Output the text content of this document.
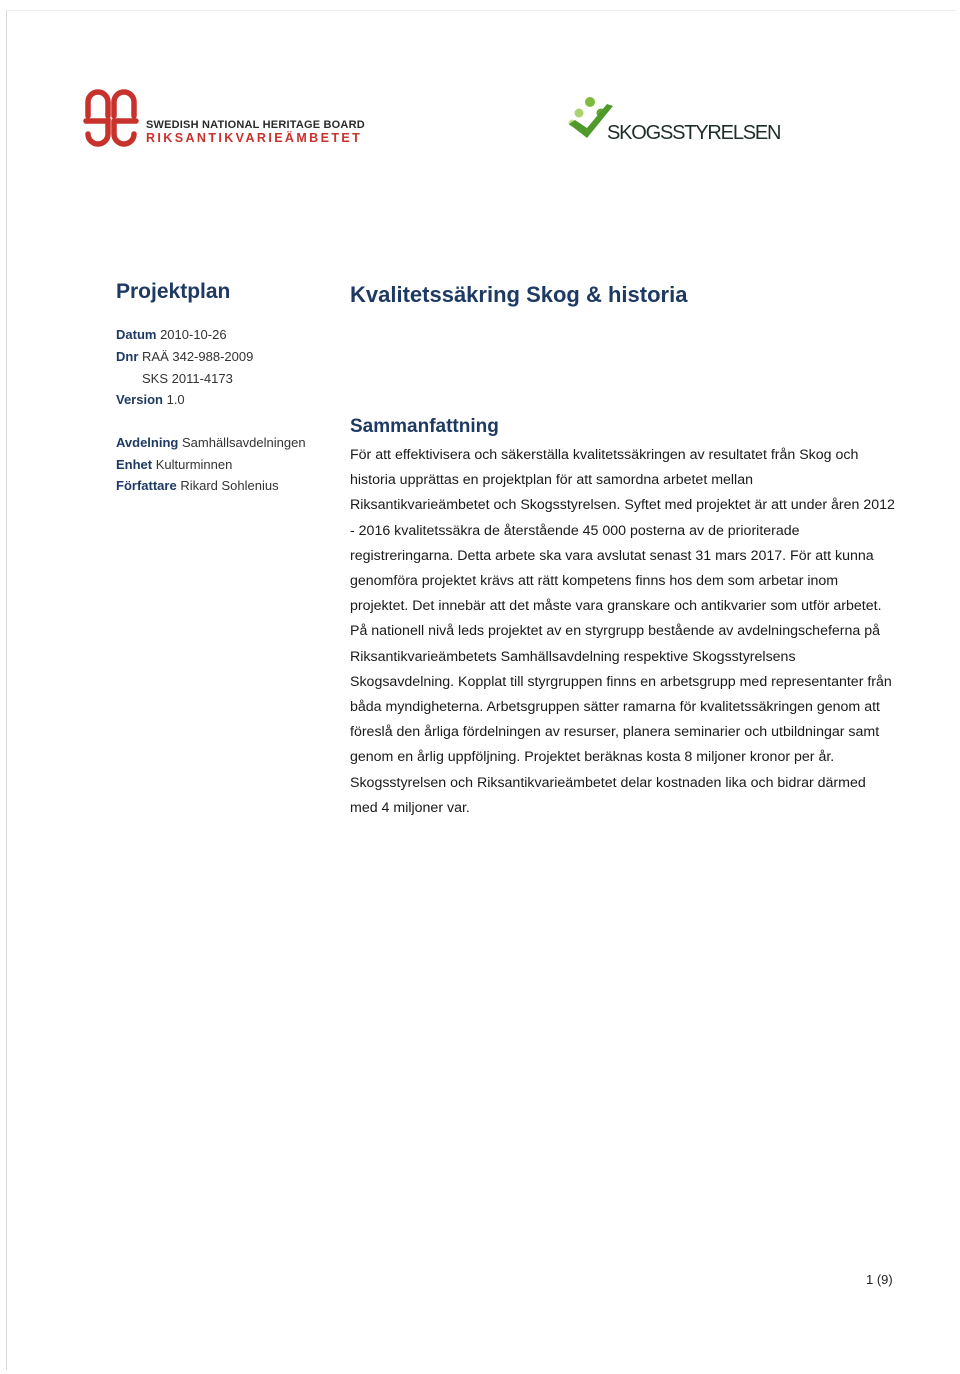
SWEDISH NATIONAL HERITAGE BOARD
RIKSANTIKVARIEÄMBETET	SKOGSSTYRELSEN
Projektplan	Kvalitetssäkring Skog & historia
Datum 2010-10-26
Dnr RAÄ 342-988-2009
SKS 2011-4173
Version 1.0
Avdelning Samhällsavdelningen
Enhet Kulturminnen
Författare Rikard Sohlenius
Sammanfattning
För att effektivisera och säkerställa kvalitetssäkringen av resultatet från Skog och historia upprättas en projektplan för att samordna arbetet mellan Riksantikvarieämbetet och Skogsstyrelsen. Syftet med projektet är att under åren 2012 - 2016 kvalitetssäkra de återstående 45 000 posterna av de prioriterade registreringarna. Detta arbete ska vara avslutat senast 31 mars 2017. För att kunna genomföra projektet krävs att rätt kompetens finns hos dem som arbetar inom projektet. Det innebär att det måste vara granskare och antikvarier som utför arbetet. På nationell nivå leds projektet av en styrgrupp bestående av avdelningscheferna på Riksantikvarieämbetets Samhällsavdelning respektive Skogsstyrelsens Skogsavdelning. Kopplat till styrgruppen finns en arbetsgrupp med representanter från båda myndigheterna. Arbetsgruppen sätter ramarna för kvalitetssäkringen genom att föreslå den årliga fördelningen av resurser, planera seminarier och utbildningar samt genom en årlig uppföljning. Projektet beräknas kosta 8 miljoner kronor per år. Skogsstyrelsen och Riksantikvarieämbetet delar kostnaden lika och bidrar därmed med 4 miljoner var.
1 (9)
